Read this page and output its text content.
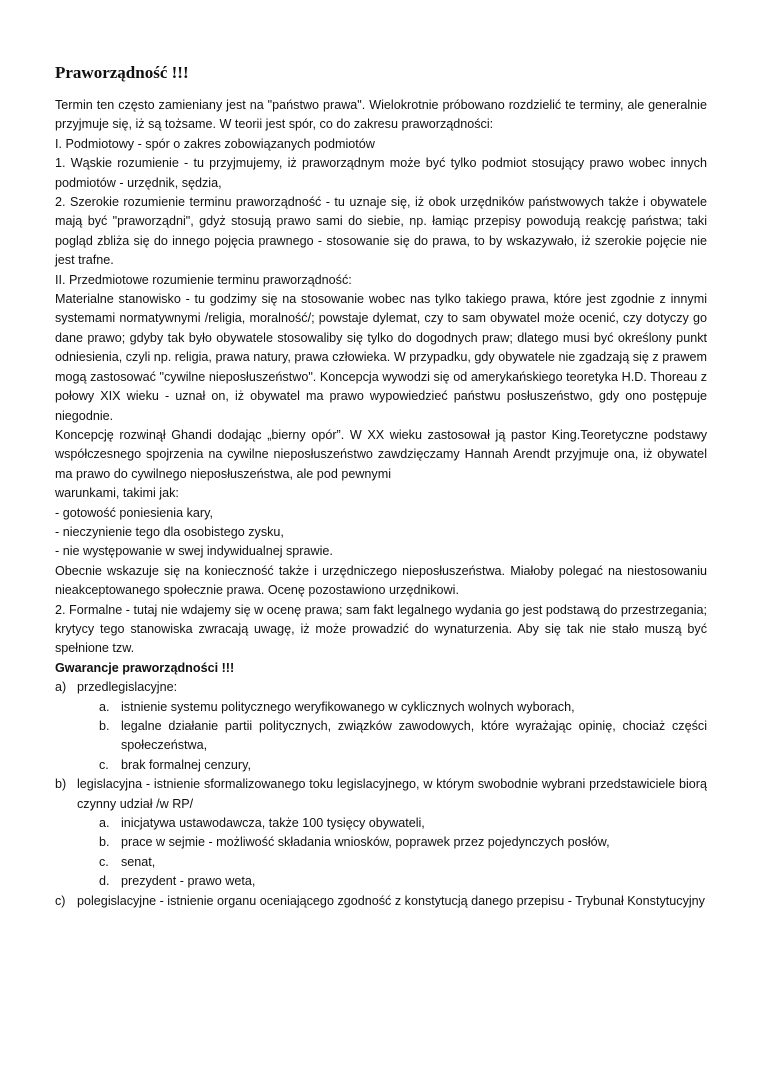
Praworządność !!!

Termin ten często zamieniany jest na "państwo prawa". Wielokrotnie próbowano rozdzielić te terminy, ale generalnie przyjmuje się, iż są tożsame. W teorii jest spór, co do zakresu praworządności:

I. Podmiotowy - spór o zakres zobowiązanych podmiotów

1. Wąskie rozumienie - tu przyjmujemy, iż praworządnym może być tylko podmiot stosujący prawo wobec innych podmiotów - urzędnik, sędzia,

2. Szerokie rozumienie terminu praworządność - tu uznaje się, iż obok urzędników państwowych także i obywatele mają być "praworządni", gdyż stosują prawo sami do siebie, np. łamiąc przepisy powodują reakcję państwa; taki pogląd zbliża się do innego pojęcia prawnego - stosowanie się do prawa, to by wskazywało, iż szerokie pojęcie nie jest trafne.

II. Przedmiotowe rozumienie terminu praworządność:

Materialne stanowisko - tu godzimy się na stosowanie wobec nas tylko takiego prawa, które jest zgodnie z innymi systemami normatywnymi /religia, moralność/; powstaje dylemat, czy to sam obywatel może ocenić, czy dotyczy go dane prawo; gdyby tak było obywatele stosowaliby się tylko do dogodnych praw; dlatego musi być określony punkt odniesienia, czyli np. religia, prawa natury, prawa człowieka. W przypadku, gdy obywatele nie zgadzają się z prawem mogą zastosować "cywilne nieposłuszeństwo". Koncepcja wywodzi się od amerykańskiego teoretyka H.D. Thoreau z połowy XIX wieku - uznał on, iż obywatel ma prawo wypowiedzieć państwu posłuszeństwo, gdy ono postępuje niegodnie.

Koncepcję rozwinął Ghandi dodając „bierny opór”. W XX wieku zastosował ją pastor King.Teoretyczne podstawy współczesnego spojrzenia na cywilne nieposłuszeństwo zawdzięczamy Hannah Arendt przyjmuje ona, iż obywatel ma prawo do cywilnego nieposłuszeństwa, ale pod pewnymi

warunkami, takimi jak:

- gotowość poniesienia kary,

- nieczynienie tego dla osobistego zysku,

- nie występowanie w swej indywidualnej sprawie.

Obecnie wskazuje się na konieczność także i urzędniczego nieposłuszeństwa. Miałoby polegać na niestosowaniu nieakceptowanego społecznie prawa. Ocenę pozostawiono urzędnikowi.

2. Formalne - tutaj nie wdajemy się w ocenę prawa; sam fakt legalnego wydania go jest podstawą do przestrzegania; krytycy tego stanowiska zwracają uwagę, iż może prowadzić do wynaturzenia. Aby się tak nie stało muszą być spełnione tzw.

Gwarancje praworządności !!!

a) przedlegislacyjne:
a. istnienie systemu politycznego weryfikowanego w cyklicznych wolnych wyborach,
b. legalne działanie partii politycznych, związków zawodowych, które wyrażając opinię, chociaż części społeczeństwa,
c. brak formalnej cenzury,
b) legislacyjna - istnienie sformalizowanego toku legislacyjnego, w którym swobodnie wybrani przedstawiciele biorą czynny udział /w RP/
a. inicjatywa ustawodawcza, także 100 tysięcy obywateli,
b. prace w sejmie - możliwość składania wniosków, poprawek przez pojedynczych posłów,
c. senat,
d. prezydent - prawo weta,
c) polegislacyjne - istnienie organu oceniającego zgodność z konstytucją danego przepisu - Trybunał Konstytucyjny
